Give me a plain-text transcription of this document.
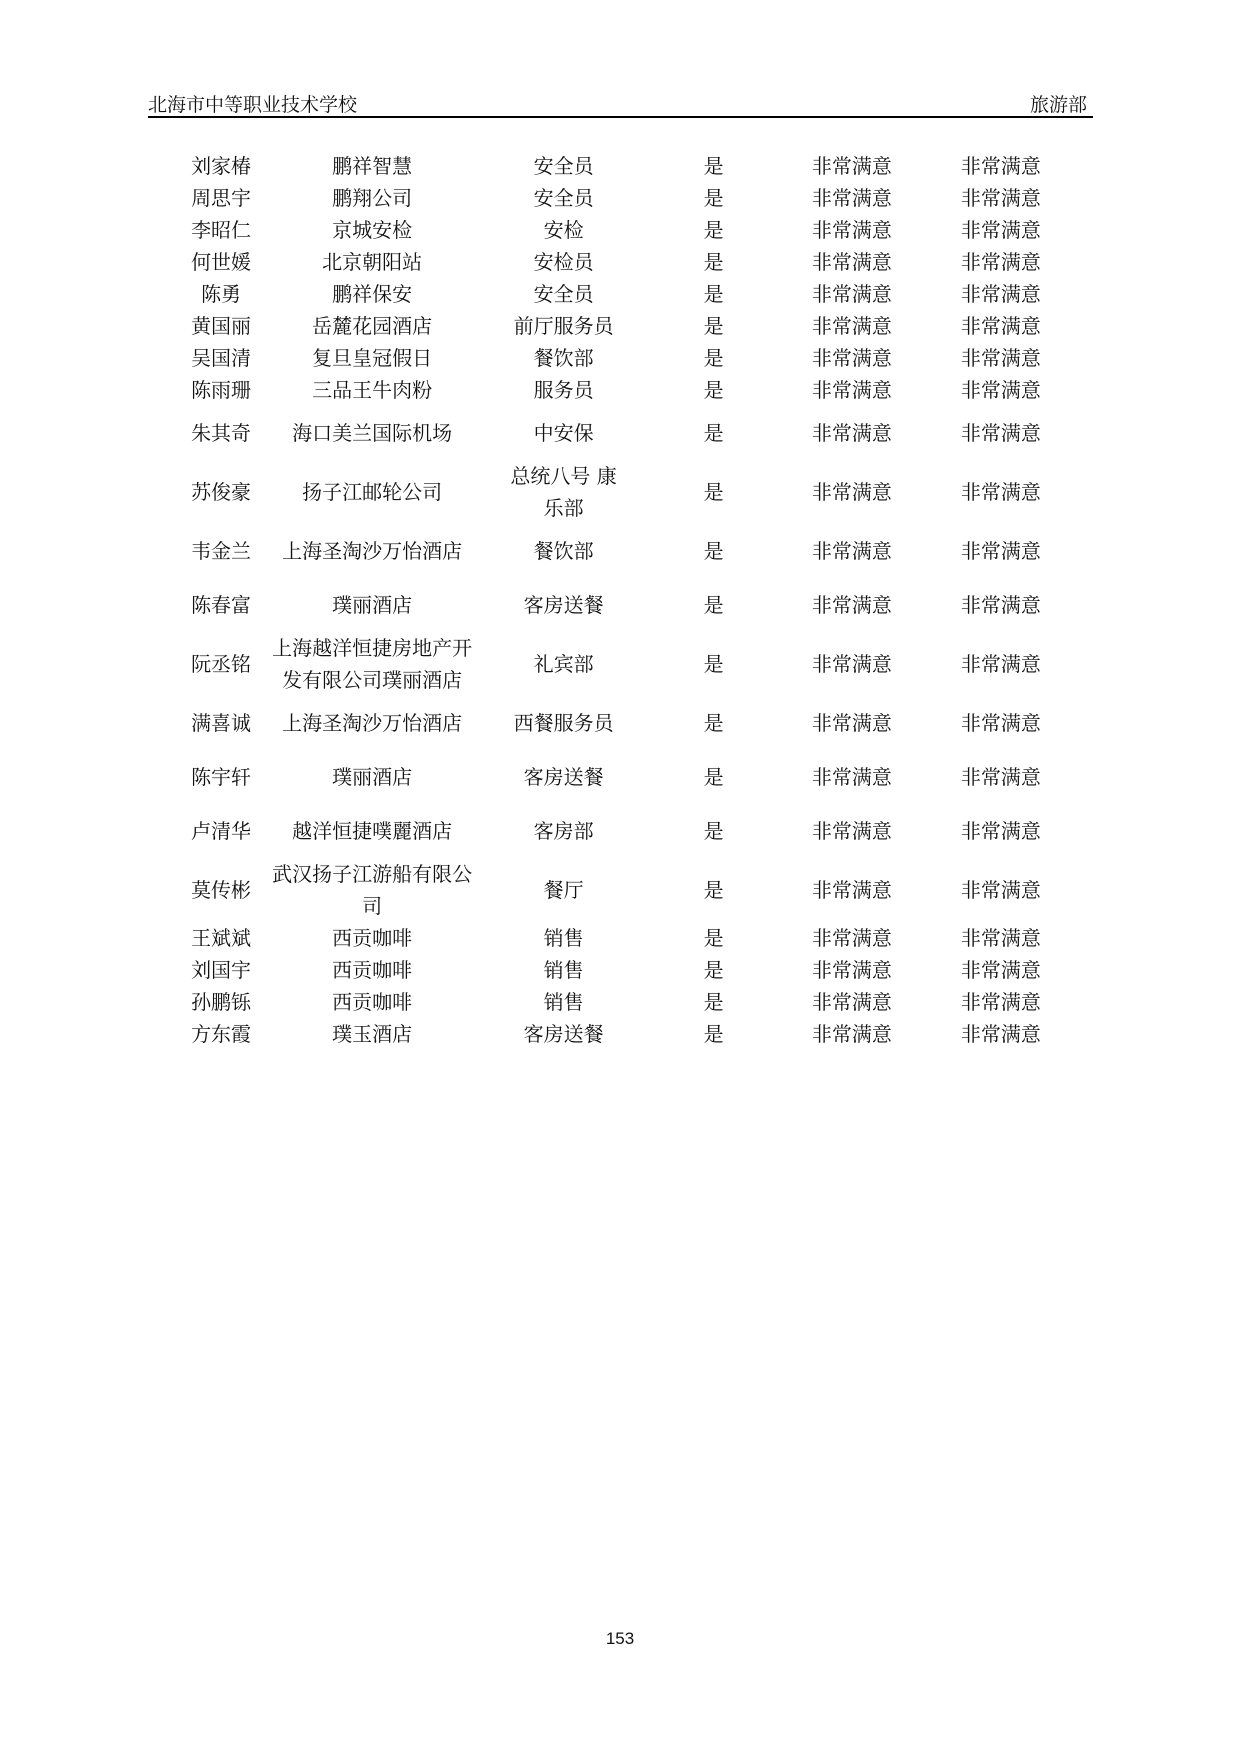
北海市中等职业技术学校	旅游部
刘家椿	鹏祥智慧	安全员	是	非常满意	非常满意
周思宇	鹏翔公司	安全员	是	非常满意	非常满意
李昭仁	京城安检	安检	是	非常满意	非常满意
何世媛	北京朝阳站	安检员	是	非常满意	非常满意
陈勇	鹏祥保安	安全员	是	非常满意	非常满意
黄国丽	岳麓花园酒店	前厅服务员	是	非常满意	非常满意
吴国清	复旦皇冠假日	餐饮部	是	非常满意	非常满意
陈雨珊	三品王牛肉粉	服务员	是	非常满意	非常满意
朱其奇	海口美兰国际机场	中安保	是	非常满意	非常满意
苏俊豪	扬子江邮轮公司	总统八号 康乐部	是	非常满意	非常满意
韦金兰	上海圣淘沙万怡酒店	餐饮部	是	非常满意	非常满意
陈春富	璞丽酒店	客房送餐	是	非常满意	非常满意
阮丞铭	上海越洋恒捷房地产开发有限公司璞丽酒店	礼宾部	是	非常满意	非常满意
满喜诚	上海圣淘沙万怡酒店	西餐服务员	是	非常满意	非常满意
陈宇轩	璞丽酒店	客房送餐	是	非常满意	非常满意
卢清华	越洋恒捷噗麗酒店	客房部	是	非常满意	非常满意
莫传彬	武汉扬子江游船有限公司	餐厅	是	非常满意	非常满意
王斌斌	西贡咖啡	销售	是	非常满意	非常满意
刘国宇	西贡咖啡	销售	是	非常满意	非常满意
孙鹏铄	西贡咖啡	销售	是	非常满意	非常满意
方东霞	璞玉酒店	客房送餐	是	非常满意	非常满意
153
